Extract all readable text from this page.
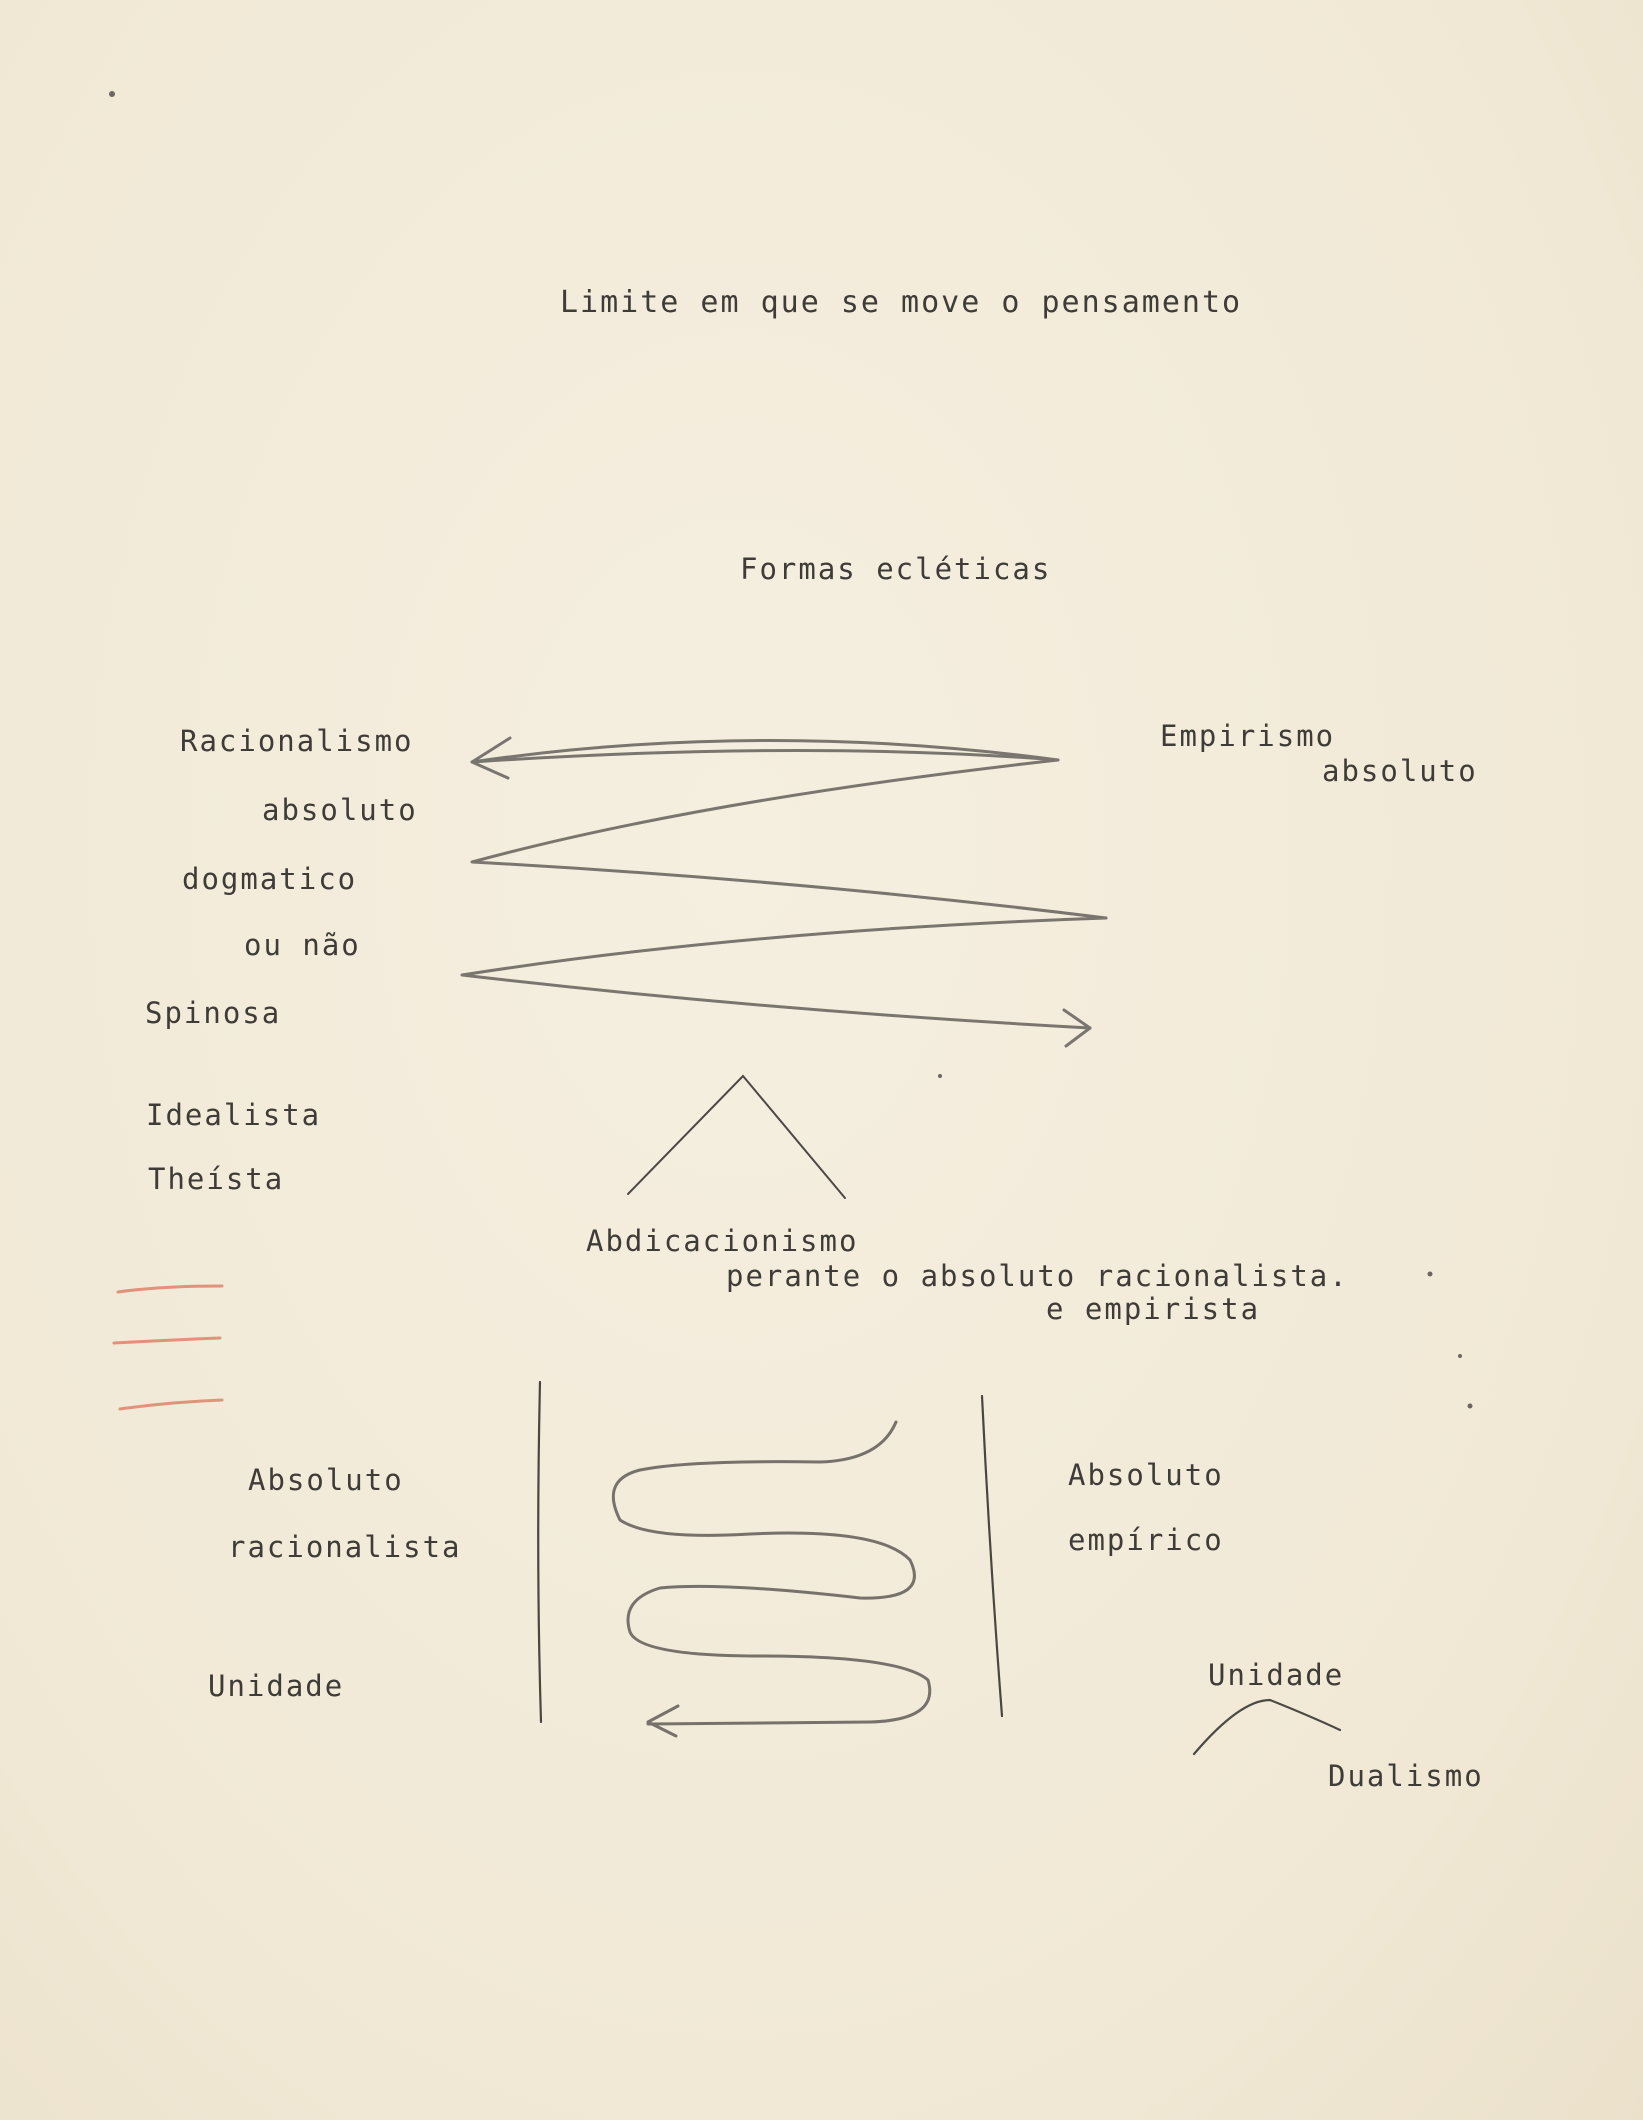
Limite em que se move o pensamento
Formas ecléticas
Racionalismo
absoluto
dogmatico
ou não
Spinosa
Idealista
Theísta
Empirismo
absoluto
Abdicacionismo
perante o absoluto racionalista.
e empirista
Absoluto
racionalista
Unidade
Absoluto
empírico
Unidade
Dualismo
